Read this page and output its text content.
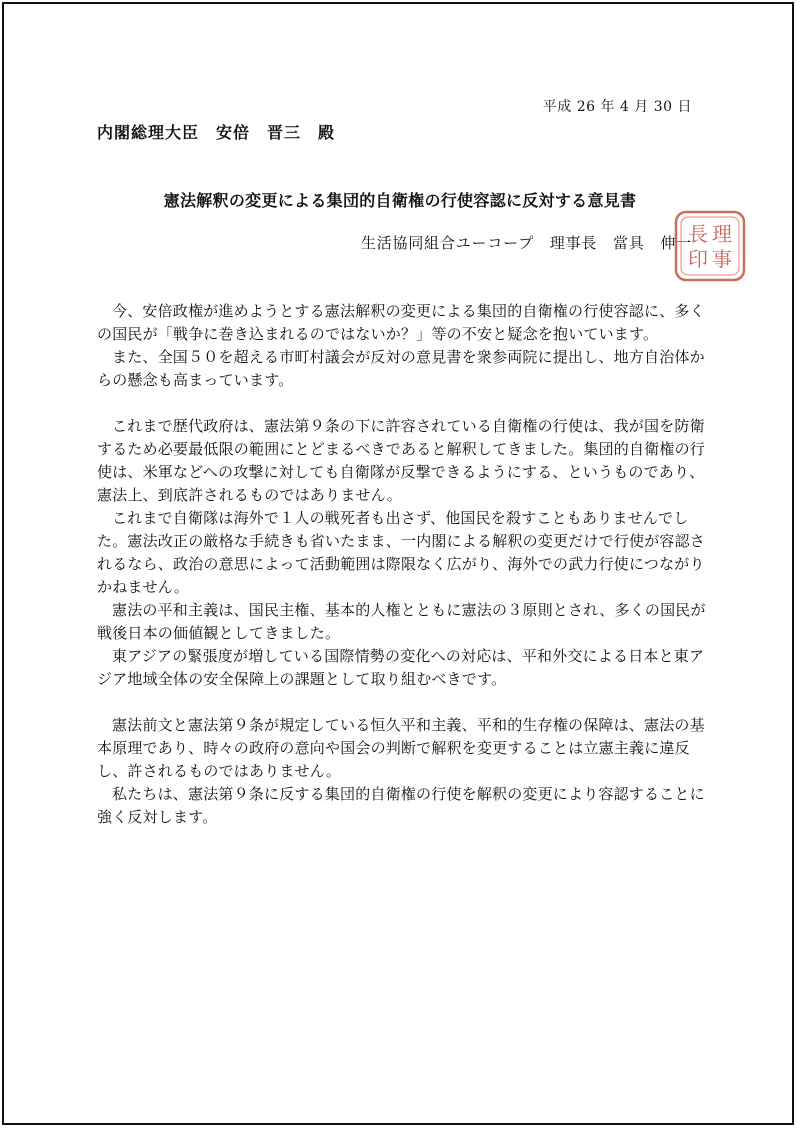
平成 26 年 4 月 30 日
内閣総理大臣　安倍　晋三　殿
憲法解釈の変更による集団的自衛権の行使容認に反対する意見書
生活協同組合ユーコープ　理事長　當具　伸一 理
事
長
印

今、安倍政権が進めようとする憲法解釈の変更による集団的自衛権の行使容認に、多くの国民が「戦争に巻き込まれるのではないか？」等の不安と疑念を抱いています。

また、全国５０を超える市町村議会が反対の意見書を衆参両院に提出し、地方自治体からの懸念も高まっています。

これまで歴代政府は、憲法第９条の下に許容されている自衛権の行使は、我が国を防衛するため必要最低限の範囲にとどまるべきであると解釈してきました。集団的自衛権の行使は、米軍などへの攻撃に対しても自衛隊が反撃できるようにする、というものであり、憲法上、到底許されるものではありません。

これまで自衛隊は海外で１人の戦死者も出さず、他国民を殺すこともありませんでした。憲法改正の厳格な手続きも省いたまま、一内閣による解釈の変更だけで行使が容認されるなら、政治の意思によって活動範囲は際限なく広がり、海外での武力行使につながりかねません。

憲法の平和主義は、国民主権、基本的人権とともに憲法の３原則とされ、多くの国民が戦後日本の価値観としてきました。

東アジアの緊張度が増している国際情勢の変化への対応は、平和外交による日本と東アジア地域全体の安全保障上の課題として取り組むべきです。

憲法前文と憲法第９条が規定している恒久平和主義、平和的生存権の保障は、憲法の基本原理であり、時々の政府の意向や国会の判断で解釈を変更することは立憲主義に違反し、許されるものではありません。

私たちは、憲法第９条に反する集団的自衛権の行使を解釈の変更により容認することに強く反対します。
